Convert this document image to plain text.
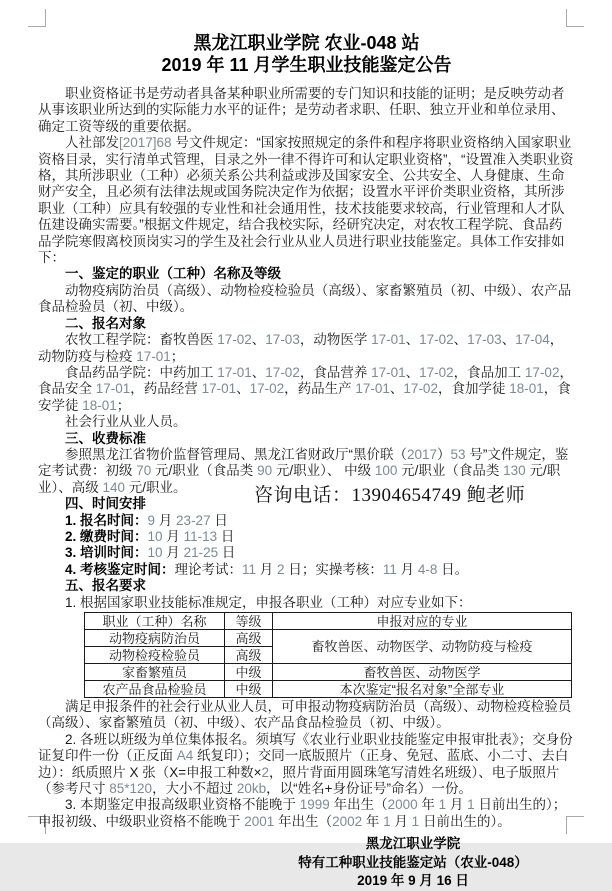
黑龙江职业学院 农业-048 站
2019 年 11 月学生职业技能鉴定公告

职业资格证书是劳动者具备某种职业所需要的专门知识和技能的证明；是反映劳动者从事该职业所达到的实际能力水平的证件；是劳动者求职、任职、独立开业和单位录用、确定工资等级的重要依据。

人社部发[2017]68 号文件规定：“国家按照规定的条件和程序将职业资格纳入国家职业资格目录，实行清单式管理，目录之外一律不得许可和认定职业资格”，“设置准入类职业资格，其所涉职业（工种）必须关系公共利益或涉及国家安全、公共安全、人身健康、生命财产安全，且必须有法律法规或国务院决定作为依据；设置水平评价类职业资格，其所涉职业（工种）应具有较强的专业性和社会通用性，技术技能要求较高，行业管理和人才队伍建设确实需要。”根据文件规定，结合我校实际，经研究决定，对农牧工程学院、食品药品学院寒假离校顶岗实习的学生及社会行业从业人员进行职业技能鉴定。具体工作安排如下：

一、鉴定的职业（工种）名称及等级

动物疫病防治员（高级）、动物检疫检验员（高级）、家畜繁殖员（初、中级）、农产品食品检验员（初、中级）。

二、报名对象

农牧工程学院：畜牧兽医 17-02、17-03，动物医学 17-01、17-02、17-03、17-04，动物防疫与检疫 17-01；

食品药品学院：中药加工 17-01、17-02，食品营养 17-01、17-02，食品加工 17-02，食品安全 17-01，药品经营 17-01、17-02，药品生产 17-01、17-02，食加学徒 18-01，食安学徒 18-01；

社会行业从业人员。

三、收费标准

参照黑龙江省物价监督管理局、黑龙江省财政厅“黑价联（2017）53 号”文件规定，鉴定考试费：初级 70 元/职业（食品类 90 元/职业）、 中级 100 元/职业（食品类 130 元/职业）、高级 140 元/职业。

四、时间安排

1. 报名时间：9 月 23-27 日

2. 缴费时间：10 月 11-13 日

3. 培训时间：10 月 21-25 日

4. 考核鉴定时间：理论考试：11 月 2 日；实操考核：11 月 4-8 日。

五、报名要求

1. 根据国家职业技能标准规定，申报各职业（工种）对应专业如下：

职业（工种）名称	等级	申报对应的专业
动物疫病防治员	高级	畜牧兽医、动物医学、动物防疫与检疫
动物检疫检验员	高级	
家畜繁殖员	中级	畜牧兽医、动物医学
农产品食品检验员	中级	本次鉴定“报名对象”全部专业

满足申报条件的社会行业从业人员，可申报动物疫病防治员（高级）、动物检疫检验员（高级）、家畜繁殖员（初、中级）、农产品食品检验员（初、中级）。

2. 各班以班级为单位集体报名。须填写《农业行业职业技能鉴定申报审批表》；交身份证复印件一份（正反面 A4 纸复印）；交同一底版照片（正身、免冠、蓝底、小二寸、去白边）：纸质照片 X 张（X=申报工种数×2，照片背面用圆珠笔写清姓名班级）、电子版照片（参考尺寸 85*120，大小不超过 20kb，以“姓名+身份证号”命名）一份。

3. 本期鉴定申报高级职业资格不能晚于 1999 年出生（2000 年 1 月 1 日前出生的）；申报初级、中级职业资格不能晚于 2001 年出生（2002 年 1 月 1 日前出生的）。

黑龙江职业学院
特有工种职业技能鉴定站（农业-048）
2019 年 9 月 16 日
咨询电话：13904654749 鲍老师
